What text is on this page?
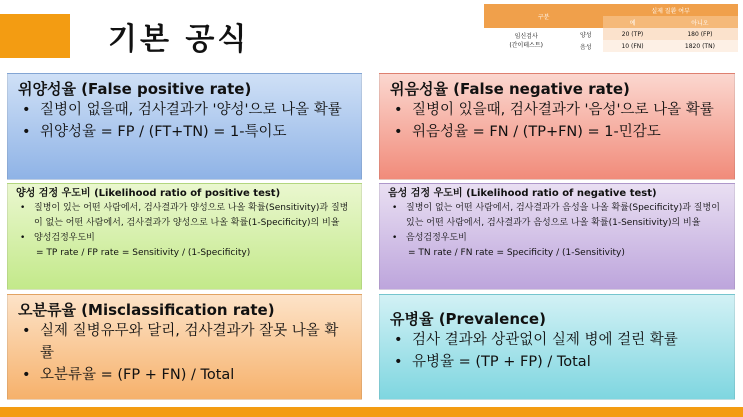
기본 공식
구분		실제 질환 여부	
		예	아니오
임신검사
(간이테스트)	양성	20 (TP)	180 (FP)
	음성	10 (FN)	1820 (TN)
위양성율 (False positive rate)
• 질병이 없을때, 검사결과가 '양성'으로 나올 확률
• 위양성율 = FP / (FT+TN) = 1-특이도
위음성율 (False negative rate)
• 질병이 있을때, 검사결과가 '음성'으로 나올 확률
• 위음성율 = FN / (TP+FN) = 1-민감도
양성 검정 우도비 (Likelihood ratio of positive test)
• 질병이 있는 어떤 사람에서, 검사결과가 양성으로 나올 확률(Sensitivity)과 질병이 없는 어떤 사람에서, 검사결과가 양성으로 나올 확률(1-Specificity)의 비율
• 양성검정우도비
= TP rate / FP rate = Sensitivity / (1-Specificity)
음성 검정 우도비 (Likelihood ratio of negative test)
• 질병이 없는 어떤 사람에서, 검사결과가 음성을 나올 확률(Specificity)과 질병이 있는 어떤 사람에서, 검사결과가 음성으로 나올 확률(1-Sensitivity)의 비율
• 음성검정우도비
= TN rate / FN rate = Specificity / (1-Sensitivity)
오분류율 (Misclassification rate)
• 실제 질병유무와 달리, 검사결과가 잘못 나올 확률
• 오분류율 = (FP + FN) / Total
유병율 (Prevalence)
• 검사 결과와 상관없이 실제 병에 걸린 확률
• 유병율 = (TP + FP) / Total
